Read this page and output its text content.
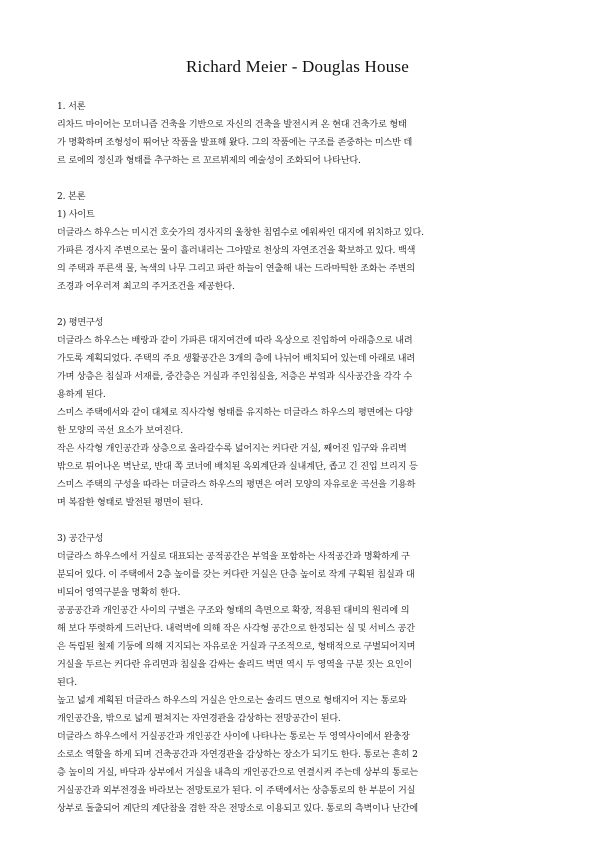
Richard Meier - Douglas House
1. 서론
리차드 마이어는 모더니즘 건축을 기반으로 자신의 건축을 발전시켜 온 현대 건축가로 형태
가 명확하며 조형성이 뛰어난 작품을 발표해 왔다. 그의 작품에는 구조를 존중하는 미스반 데
르 로에의 정신과 형태를 추구하는 르 꼬르뷔제의 예술성이 조화되어 나타난다.
2. 본론
1) 사이트
더글라스 하우스는 미시건 호숫가의 경사지의 울창한 침엽수로 에워싸인 대지에 위치하고 있다.
가파른 경사지 주변으로는 물이 흘러내리는 그야말로 천상의 자연조건을 확보하고 있다. 백색
의 주택과 푸른색 물, 녹색의 나무 그리고 파란 하늘이 연출해 내는 드라마틱한 조화는 주변의
조경과 어우러져 최고의 주거조건을 제공한다.
2) 평면구성
더글라스 하우스는 배랑과 같이 가파른 대지여건에 따라 옥상으로 진입하여 아래층으로 내려
가도록 계획되었다. 주택의 주요 생활공간은 3개의 층에 나뉘어 배치되어 있는데 아래로 내려
가며 상층은 침실과 서재를, 중간층은 거실과 주인침실을, 저층은 부엌과 식사공간을 각각 수
용하게 된다.
스미스 주택에서와 같이 대체로 직사각형 형태를 유지하는 더글라스 하우스의 평면에는 다양
한 모양의 곡선 요소가 보여진다.
작은 사각형 개인공간과 상층으로 올라갈수록 넓어지는 커다란 거실, 째어진 입구와 유리벽
밖으로 튀어나온 벽난로, 반대 쪽 코너에 배치된 옥외계단과 실내계단, 좁고 긴 진입 브리지 등
스미스 주택의 구성을 따라는 더글라스 하우스의 평면은 여러 모양의 자유로운 곡선을 기용하
며 복잡한 형태로 발전된 평면이 된다.
3) 공간구성
더글라스 하우스에서 거실로 대표되는 공적공간은 부엌을 포함하는 사적공간과 명확하게 구
분되어 있다. 이 주택에서 2층 높이를 갖는 커다란 거실은 단층 높이로 작게 구획된 침실과 대
비되어 영역구분을 명확히 한다.
공공공간과 개인공간 사이의 구별은 구조와 형태의 측면으로 확장, 적용된 대비의 원리에 의
해 보다 뚜렷하게 드러난다. 내력벽에 의해 작은 사각형 공간으로 한정되는 실 및 서비스 공간
은 독립된 철제 기둥에 의해 지지되는 자유로운 거실과 구조적으로, 형태적으로 구별되어지며
거실을 두르는 커다란 유리면과 침실을 감싸는 솔리드 벽면 역시 두 영역을 구분 짓는 요인이
된다.
높고 넓게 계획된 더글라스 하우스의 거실은 안으로는 솔리드 면으로 형태지어 지는 통로와
개인공간을, 밖으로 넓게 펼쳐지는 자연경관을 감상하는 전망공간이 된다.
더글라스 하우스에서 거실공간과 개인공간 사이에 나타나는 통로는 두 영역사이에서 완충장
소로소 역할을 하게 되며 건축공간과 자연경관을 감상하는 장소가 되기도 한다. 통로는 흔히 2
층 높이의 거실, 바닥과 상부에서 거실을 내측의 개인공간으로 연결시켜 주는데 상부의 통로는
거실공간과 외부전경을 바라보는 전망토로가 된다. 이 주택에서는 상층통로의 한 부분이 거실
상부로 돌출되어 계단의 계단참을 겸한 작은 전망소로 이용되고 있다. 통로의 측벽이나 난간에
